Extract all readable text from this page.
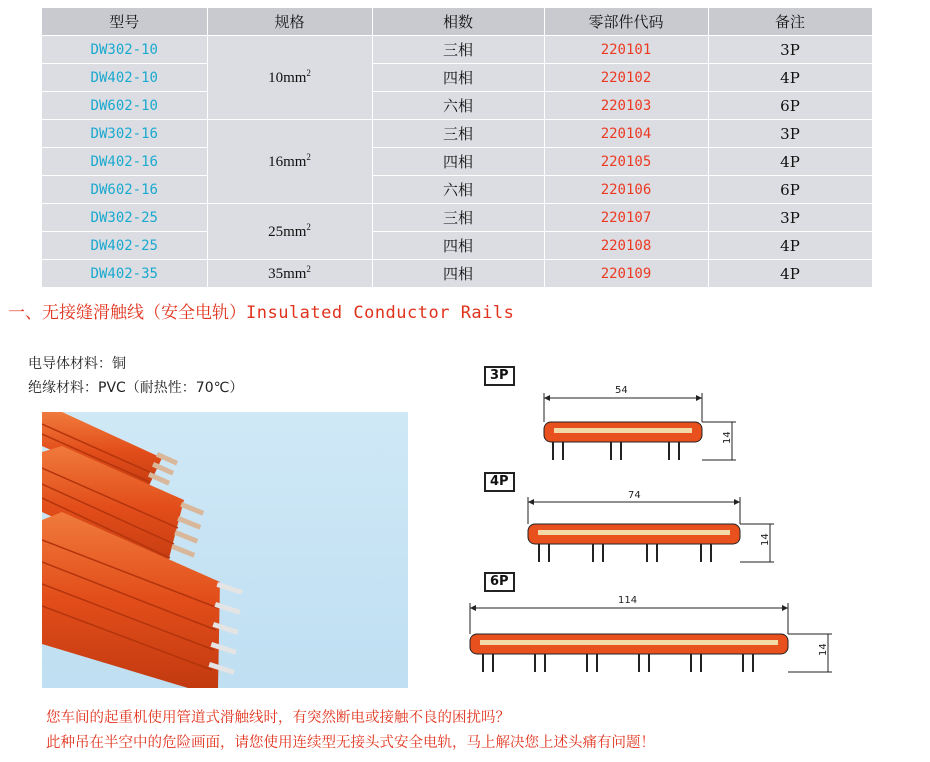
型号	规格	相数	零部件代码	备注
DW302-10	$10mm^2$	三相	220101	3P
DW402-10		四相	220102	4P
DW602-10		六相	220103	6P
DW302-16	$16mm^2$	三相	220104	3P
DW402-16		四相	220105	4P
DW602-16		六相	220106	6P
DW302-25	$25mm^2$	三相	220107	3P
DW402-25		四相	220108	4P
DW402-35	$35mm^2$	四相	220109	4P
一、无接缝滑触线（安全电轨）Insulated Conductor Rails
电导体材料：铜
绝缘材料：PVC（耐热性：70℃）
3P
54
14
4P
74
14
6P
114
14
您车间的起重机使用管道式滑触线时，有突然断电或接触不良的困扰吗？
此种吊在半空中的危险画面，请您使用连续型无接头式安全电轨，马上解决您上述头痛有问题！
